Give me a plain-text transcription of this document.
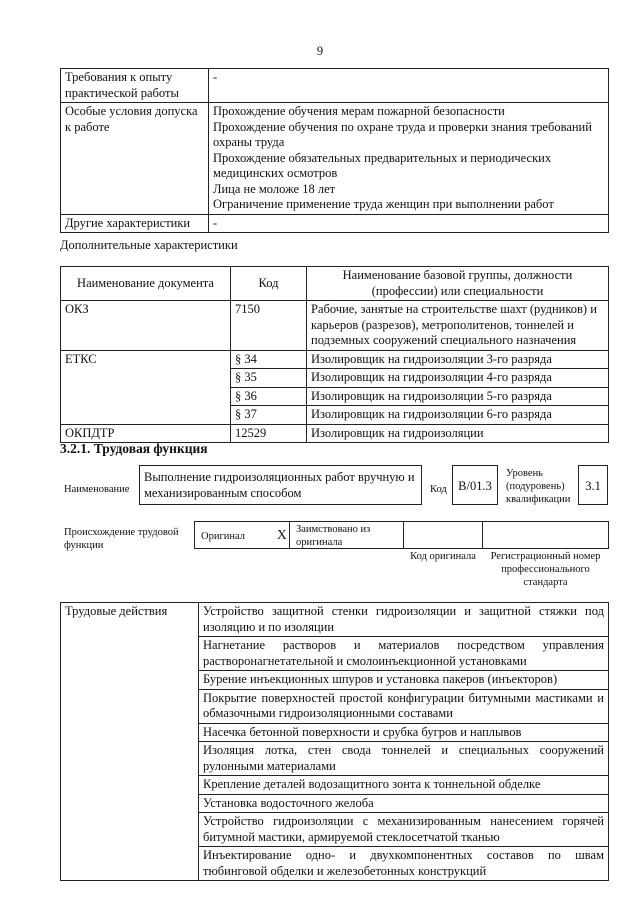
9
Требования к опыту практической работы	-
Особые условия допуска к работе	Прохождение обучения мерам пожарной безопасности
Прохождение обучения по охране труда и проверки знания требований охраны труда
Прохождение обязательных предварительных и периодических медицинских осмотров
Лица не моложе 18 лет
Ограничение применение труда женщин при выполнении работ

Другие характеристики	-
Дополнительные характеристики
Наименование документа	Код	Наименование базовой группы, должности (профессии) или специальности
ОКЗ	7150	Рабочие, занятые на строительстве шахт (рудников) и карьеров (разрезов), метрополитенов, тоннелей и подземных сооружений специального назначения
ЕТКС	§ 34	Изолировщик на гидроизоляции 3-го разряда
	§ 35	Изолировщик на гидроизоляции 4-го разряда
	§ 36	Изолировщик на гидроизоляции 5-го разряда
	§ 37	Изолировщик на гидроизоляции 6-го разряда
ОКПДТР	12529	Изолировщик на гидроизоляции
3.2.1. Трудовая функция
Наименование
Выполнение гидроизоляционных работ вручную и механизированным способом	Код В/01.3
Уровень (подуровень) квалификации
3.1
Происхождение трудовой функции
Оригинал X Заимствовано из оригинала
Код оригинала	Регистрационный номер профессионального стандарта
Трудовые действия	Устройство защитной стенки гидроизоляции и защитной стяжки под изоляцию и по изоляции
Нагнетание растворов и материалов посредством управления растворонагнетательной и смолоинъекционной установками
Бурение инъекционных шпуров и установка пакеров (инъекторов)
Покрытие поверхностей простой конфигурации битумными мастиками и обмазочными гидроизоляционными составами
Насечка бетонной поверхности и срубка бугров и наплывов
Изоляция лотка, стен свода тоннелей и специальных сооружений рулонными материалами
Крепление деталей водозащитного зонта к тоннельной обделке
Установка водосточного желоба
Устройство гидроизоляции с механизированным нанесением горячей битумной мастики, армируемой стеклосетчатой тканью
Инъектирование одно- и двухкомпонентных составов по швам тюбинговой обделки и железобетонных конструкций
